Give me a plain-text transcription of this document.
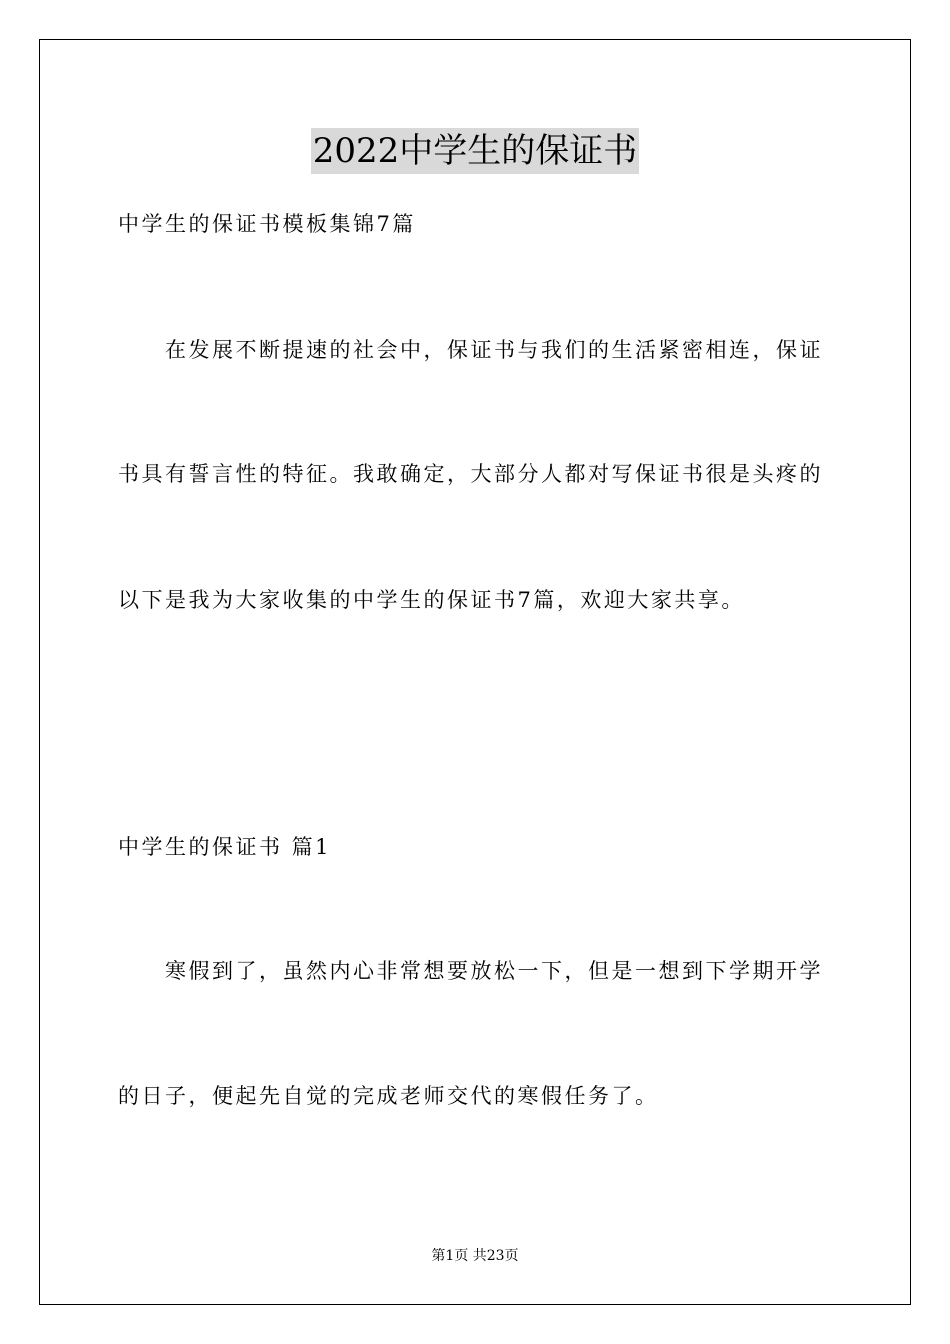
2022中学生的保证书
中学生的保证书模板集锦7篇
在发展不断提速的社会中，保证书与我们的生活紧密相连，保证
书具有誓言性的特征。我敢确定，大部分人都对写保证书很是头疼的
以下是我为大家收集的中学生的保证书7篇，欢迎大家共享。
中学生的保证书 篇1
寒假到了，虽然内心非常想要放松一下，但是一想到下学期开学
的日子，便起先自觉的完成老师交代的寒假任务了。
第1页 共23页
